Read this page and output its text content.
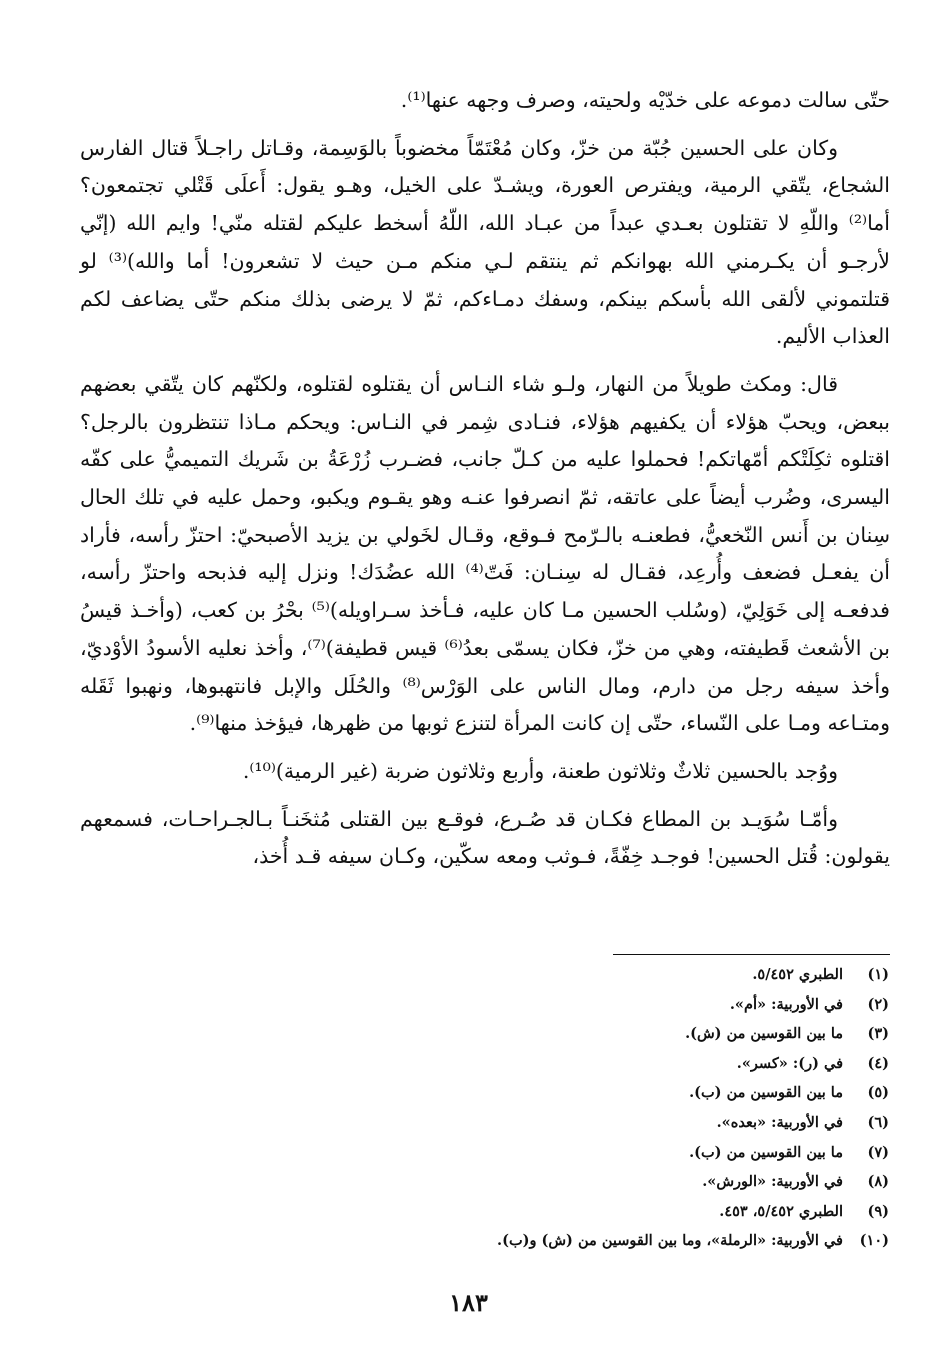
حتّى سالت دموعه على خدّيْه ولحيته، وصرف وجهه عنها⁽¹⁾.

وكان على الحسين جُبّة من خزّ، وكان مُعْتَمّاً مخضوباً بالوَسِمة، وقـاتل راجـلاً قتال الفارس الشجاع، يتّقي الرمية، ويفترص العورة، ويشـدّ على الخيل، وهـو يقول: أَعلَى قَتْلي تجتمعون؟ أما⁽²⁾ واللّهِ لا تقتلون بعـدي عبداً من عبـاد الله، اللّهُ أسخط عليكم لقتله منّي! وايم الله (إنّي لأرجـو أن يكـرمني الله بهوانكم ثم ينتقم لـي منكم مـن حيث لا تشعرون! أما والله)⁽³⁾ لو قتلتموني لألقى الله بأسكم بينكم، وسفك دمـاءكم، ثمّ لا يرضى بذلك منكم حتّى يضاعف لكم العذاب الأليم.

قال: ومكث طويلاً من النهار، ولـو شاء النـاس أن يقتلوه لقتلوه، ولكنّهم كان يتّقي بعضهم ببعض، ويحبّ هؤلاء أن يكفيهم هؤلاء، فنـادى شِمر في النـاس: ويحكم مـاذا تنتظرون بالرجل؟ اقتلوه ثكِلَتْكم أمّهاتكم! فحملوا عليه من كـلّ جانب، فضـرب زُرْعَةُ بن شَريك التميميُّ على كفّه اليسرى، وضُرب أيضاً على عاتقه، ثمّ انصرفوا عنـه وهو يقـوم ويكبو، وحمل عليه في تلك الحال سِنان بن أَنس النّخعيُّ، فطعنـه بالـرّمح فـوقع، وقـال لخَولي بن يزيد الأصبحيّ: احتزّ رأسه، فأراد أن يفعـل فضعف وأُرعِد، فقـال له سِنـان: فَتّ⁽⁴⁾ الله عضُدَك! ونزل إليه فذبحه واحتزّ رأسه، فدفعـه إلى خَوَلِيّ، (وسُلب الحسين مـا كان عليه، فـأخذ سـراويله)⁽⁵⁾ بحْرُ بن كعب، (وأخـذ قيسُ بن الأشعث قَطيفته، وهي من خزّ، فكان يسمّى بعدُ⁽⁶⁾ قيس قطيفة)⁽⁷⁾، وأخذ نعليه الأسودُ الأوْديّ، وأخذ سيفه رجل من دارم، ومال الناس على الوَرْس⁽⁸⁾ والحُلَل والإبل فانتهبوها، ونهبوا ثَقَله ومتـاعه ومـا على النّساء، حتّى إن كانت المرأة لتنزع ثوبها من ظهرها، فيؤخذ منها⁽⁹⁾.

ووُجد بالحسين ثلاثٌ وثلاثون طعنة، وأربع وثلاثون ضربة (غير الرمية)⁽¹⁰⁾.

وأمّـا سُوَيـد بن المطاع فكـان قد صُـرع، فوقـع بين القتلى مُثخَنـاً بـالجـراحـات، فسمعهم يقولون: قُتل الحسين! فوجـد خِفّةً، فـوثب ومعه سكّين، وكـان سيفه قـد أُخذ،

(١)
الطبري ٥/٤٥٢.
(٢)
في الأوربية: «أم».
(٣)
ما بين القوسين من (ش).
(٤)
في (ر): «كسر».
(٥)
ما بين القوسين من (ب).
(٦)
في الأوربية: «بعده».
(٧)
ما بين القوسين من (ب).
(٨)
في الأوربية: «الورش».
(٩)
الطبري ٥/٤٥٢، ٤٥٣.
(١٠)
في الأوربية: «الرملة»، وما بين القوسين من (ش) و(ب).
١٨٣
